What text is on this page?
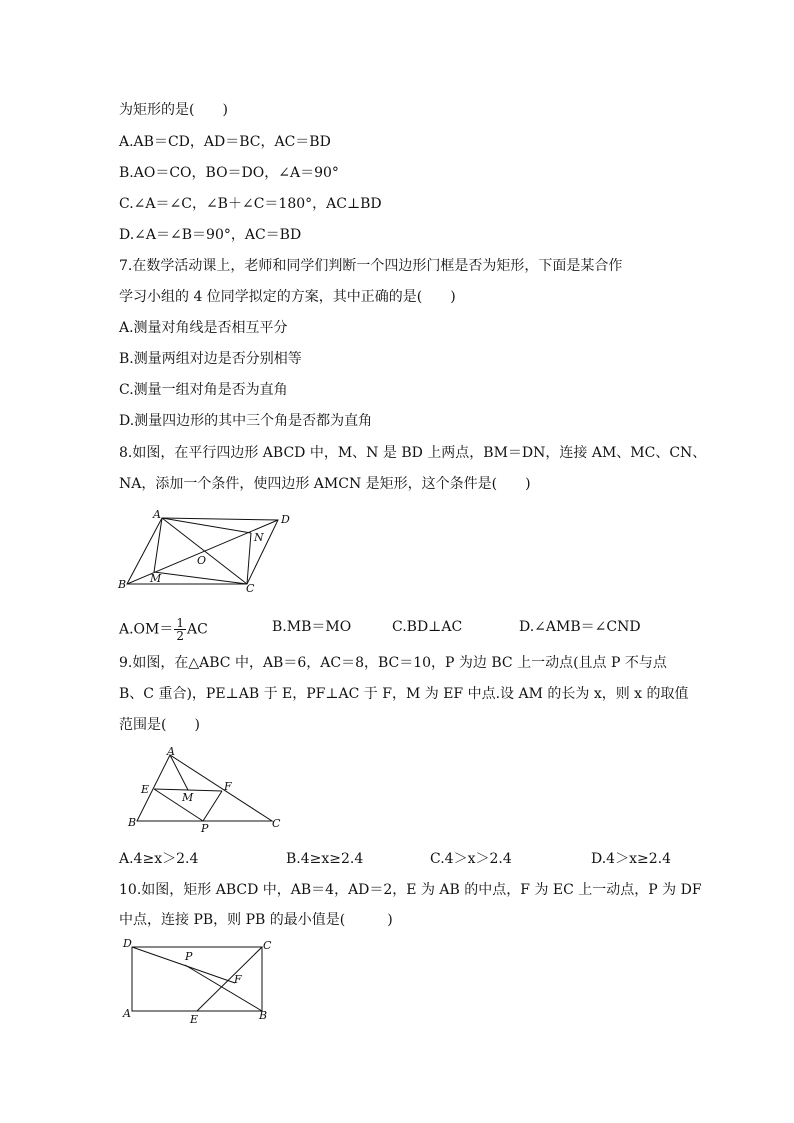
为矩形的是(　　)
A.AB＝CD，AD＝BC，AC＝BD
B.AO＝CO，BO＝DO，∠A＝90°
C.∠A＝∠C，∠B＋∠C＝180°，AC⊥BD
D.∠A＝∠B＝90°，AC＝BD
7.在数学活动课上，老师和同学们判断一个四边形门框是否为矩形，下面是某合作
学习小组的 4 位同学拟定的方案，其中正确的是(　　)
A.测量对角线是否相互平分
B.测量两组对边是否分别相等
C.测量一组对角是否为直角
D.测量四边形的其中三个角是否都为直角
8.如图，在平行四边形 ABCD 中，M、N 是 BD 上两点，BM＝DN，连接 AM、MC、CN、
NA，添加一个条件，使四边形 AMCN 是矩形，这个条件是(　　)
A	D
B	C
M
N
O
$A.OM= \frac{1}{2}$ AC	B.MB＝MO	C.BD⊥AC	D.∠AMB＝∠CND
9.如图，在△ABC 中，AB＝6，AC＝8，BC＝10，P 为边 BC 上一动点(且点 P 不与点
B、C 重合)，PE⊥AB 于 E，PF⊥AC 于 F，M 为 EF 中点.设 AM 的长为 x，则 x 的取值
范围是(　　)
A
B	C
E	F
M
P
A.4≥x＞2.4	B.4≥x≥2.4	C.4＞x＞2.4	D.4＞x≥2.4
10.如图，矩形 ABCD 中，AB＝4，AD＝2，E 为 AB 的中点，F 为 EC 上一动点，P 为 DF
中点，连接 PB，则 PB 的最小值是(　　　)
D	C
A	B
E
F
P
